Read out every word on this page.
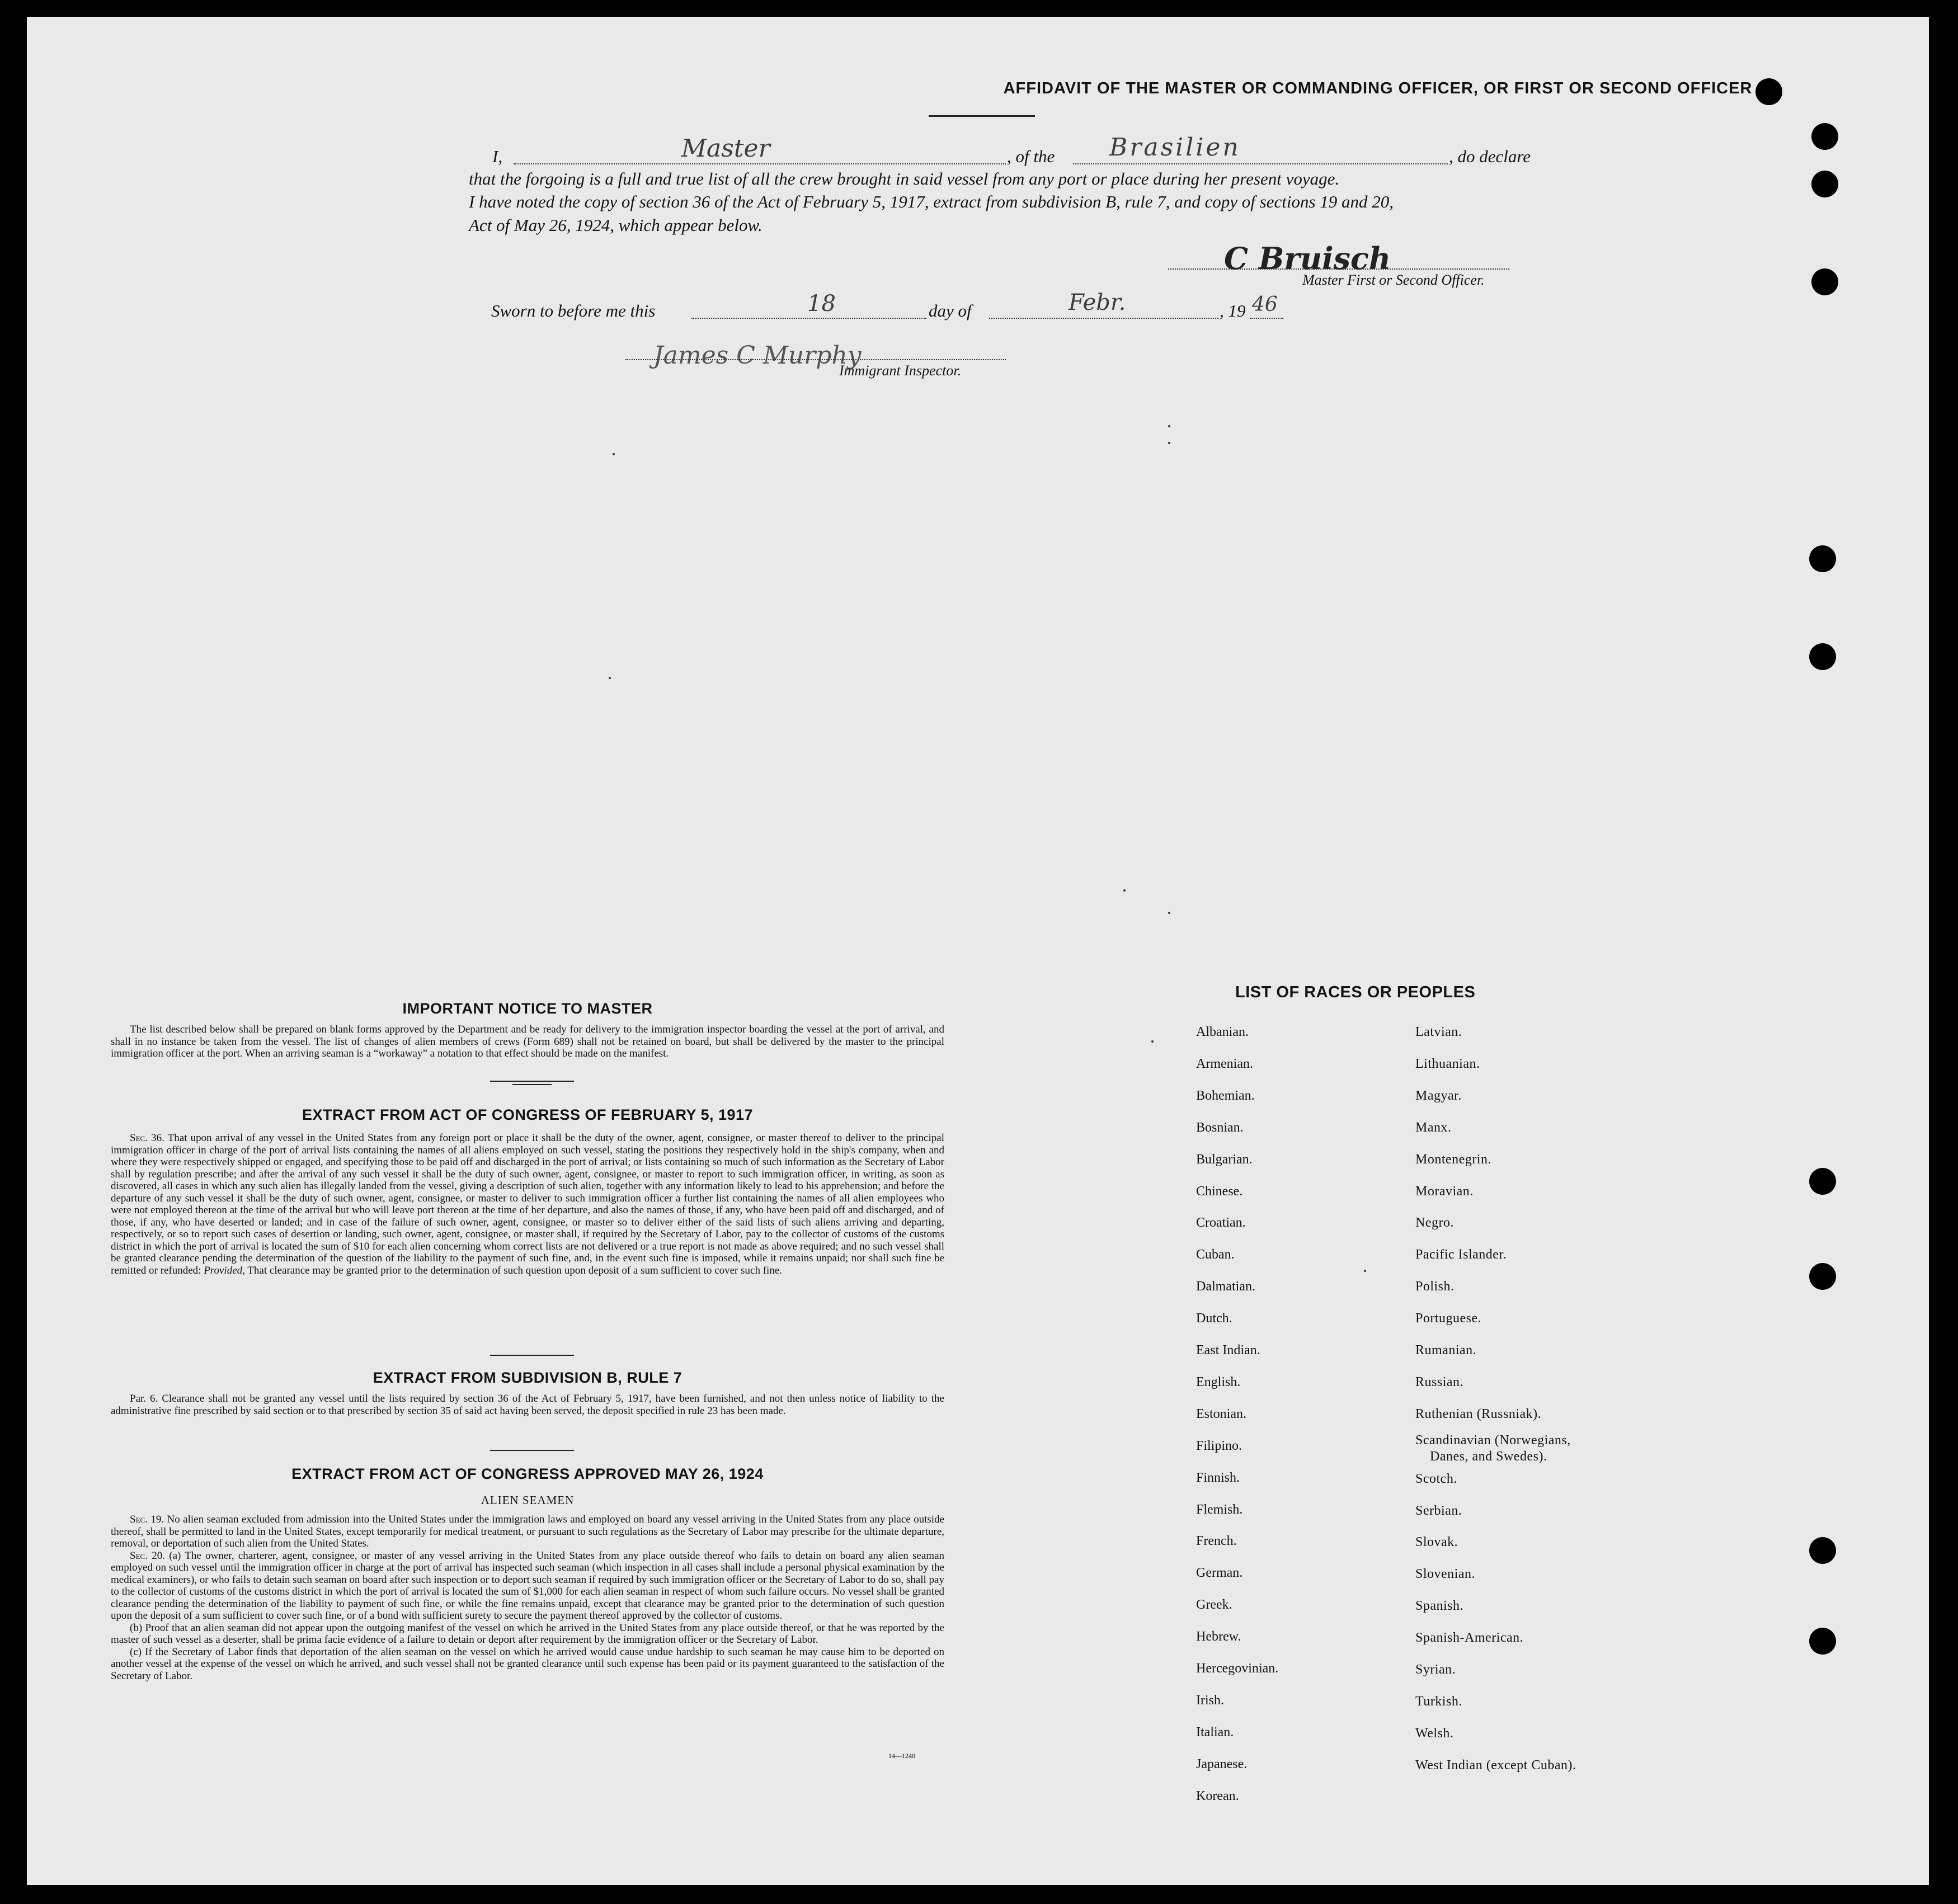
AFFIDAVIT OF THE MASTER OR COMMANDING OFFICER, OR FIRST OR SECOND OFFICER
I,	Master	, of the Brasilien	, do declare
that the forgoing is a full and true list of all the crew brought in said vessel from any port or place during her present voyage.
I have noted the copy of section 36 of the Act of February 5, 1917, extract from subdivision B, rule 7, and copy of sections 19 and 20,
Act of May 26, 1924, which appear below.
C Bruisch
Master First or Second Officer.
Sworn to before me this	18	day of	Febr.	, 19 46
James C Murphy
Immigrant Inspector.
IMPORTANT NOTICE TO MASTER

The list described below shall be prepared on blank forms approved by the Department and be ready for delivery to the immigration inspector boarding the vessel at the port of arrival, and shall in no instance be taken from the vessel. The list of changes of alien members of crews (Form 689) shall not be retained on board, but shall be delivered by the master to the principal immigration officer at the port. When an arriving seaman is a “workaway” a notation to that effect should be made on the manifest.

EXTRACT FROM ACT OF CONGRESS OF FEBRUARY 5, 1917

Sec. 36. That upon arrival of any vessel in the United States from any foreign port or place it shall be the duty of the owner, agent, consignee, or master thereof to deliver to the principal immigration officer in charge of the port of arrival lists containing the names of all aliens employed on such vessel, stating the positions they respectively hold in the ship's company, when and where they were respectively shipped or engaged, and specifying those to be paid off and discharged in the port of arrival; or lists containing so much of such information as the Secretary of Labor shall by regulation prescribe; and after the arrival of any such vessel it shall be the duty of such owner, agent, consignee, or master to report to such immigration officer, in writing, as soon as discovered, all cases in which any such alien has illegally landed from the vessel, giving a description of such alien, together with any information likely to lead to his apprehension; and before the departure of any such vessel it shall be the duty of such owner, agent, consignee, or master to deliver to such immigration officer a further list containing the names of all alien employees who were not employed thereon at the time of the arrival but who will leave port thereon at the time of her departure, and also the names of those, if any, who have been paid off and discharged, and of those, if any, who have deserted or landed; and in case of the failure of such owner, agent, consignee, or master so to deliver either of the said lists of such aliens arriving and departing, respectively, or so to report such cases of desertion or landing, such owner, agent, consignee, or master shall, if required by the Secretary of Labor, pay to the collector of customs of the customs district in which the port of arrival is located the sum of $10 for each alien concerning whom correct lists are not delivered or a true report is not made as above required; and no such vessel shall be granted clearance pending the determination of the question of the liability to the payment of such fine, and, in the event such fine is imposed, while it remains unpaid; nor shall such fine be remitted or refunded: Provided, That clearance may be granted prior to the determination of such question upon deposit of a sum sufficient to cover such fine.

EXTRACT FROM SUBDIVISION B, RULE 7

Par. 6. Clearance shall not be granted any vessel until the lists required by section 36 of the Act of February 5, 1917, have been furnished, and not then unless notice of liability to the administrative fine prescribed by said section or to that prescribed by section 35 of said act having been served, the deposit specified in rule 23 has been made.

EXTRACT FROM ACT OF CONGRESS APPROVED MAY 26, 1924
ALIEN SEAMEN

Sec. 19. No alien seaman excluded from admission into the United States under the immigration laws and employed on board any vessel arriving in the United States from any place outside thereof, shall be permitted to land in the United States, except temporarily for medical treatment, or pursuant to such regulations as the Secretary of Labor may prescribe for the ultimate departure, removal, or deportation of such alien from the United States.

Sec. 20. (a) The owner, charterer, agent, consignee, or master of any vessel arriving in the United States from any place outside thereof who fails to detain on board any alien seaman employed on such vessel until the immigration officer in charge at the port of arrival has inspected such seaman (which inspection in all cases shall include a personal physical examination by the medical examiners), or who fails to detain such seaman on board after such inspection or to deport such seaman if required by such immigration officer or the Secretary of Labor to do so, shall pay to the collector of customs of the customs district in which the port of arrival is located the sum of $1,000 for each alien seaman in respect of whom such failure occurs. No vessel shall be granted clearance pending the determination of the liability to payment of such fine, or while the fine remains unpaid, except that clearance may be granted prior to the determination of such question upon the deposit of a sum sufficient to cover such fine, or of a bond with sufficient surety to secure the payment thereof approved by the collector of customs.

(b) Proof that an alien seaman did not appear upon the outgoing manifest of the vessel on which he arrived in the United States from any place outside thereof, or that he was reported by the master of such vessel as a deserter, shall be prima facie evidence of a failure to detain or deport after requirement by the immigration officer or the Secretary of Labor.

(c) If the Secretary of Labor finds that deportation of the alien seaman on the vessel on which he arrived would cause undue hardship to such seaman he may cause him to be deported on another vessel at the expense of the vessel on which he arrived, and such vessel shall not be granted clearance until such expense has been paid or its payment guaranteed to the satisfaction of the Secretary of Labor.

14—1240
LIST OF RACES OR PEOPLES
Albanian.
Armenian.
Bohemian.
Bosnian.
Bulgarian.
Chinese.
Croatian.
Cuban.
Dalmatian.
Dutch.
East Indian.
English.
Estonian.
Filipino.
Finnish.
Flemish.
French.
German.
Greek.
Hebrew.
Hercegovinian.
Irish.
Italian.
Japanese.
Korean.
Latvian.
Lithuanian.
Magyar.
Manx.
Montenegrin.
Moravian.
Negro.
Pacific Islander.
Polish.
Portuguese.
Rumanian.
Russian.
Ruthenian (Russniak).
Scandinavian (Norwegians,
Danes, and Swedes).
Scotch.
Serbian.
Slovak.
Slovenian.
Spanish.
Spanish-American.
Syrian.
Turkish.
Welsh.
West Indian (except Cuban).
